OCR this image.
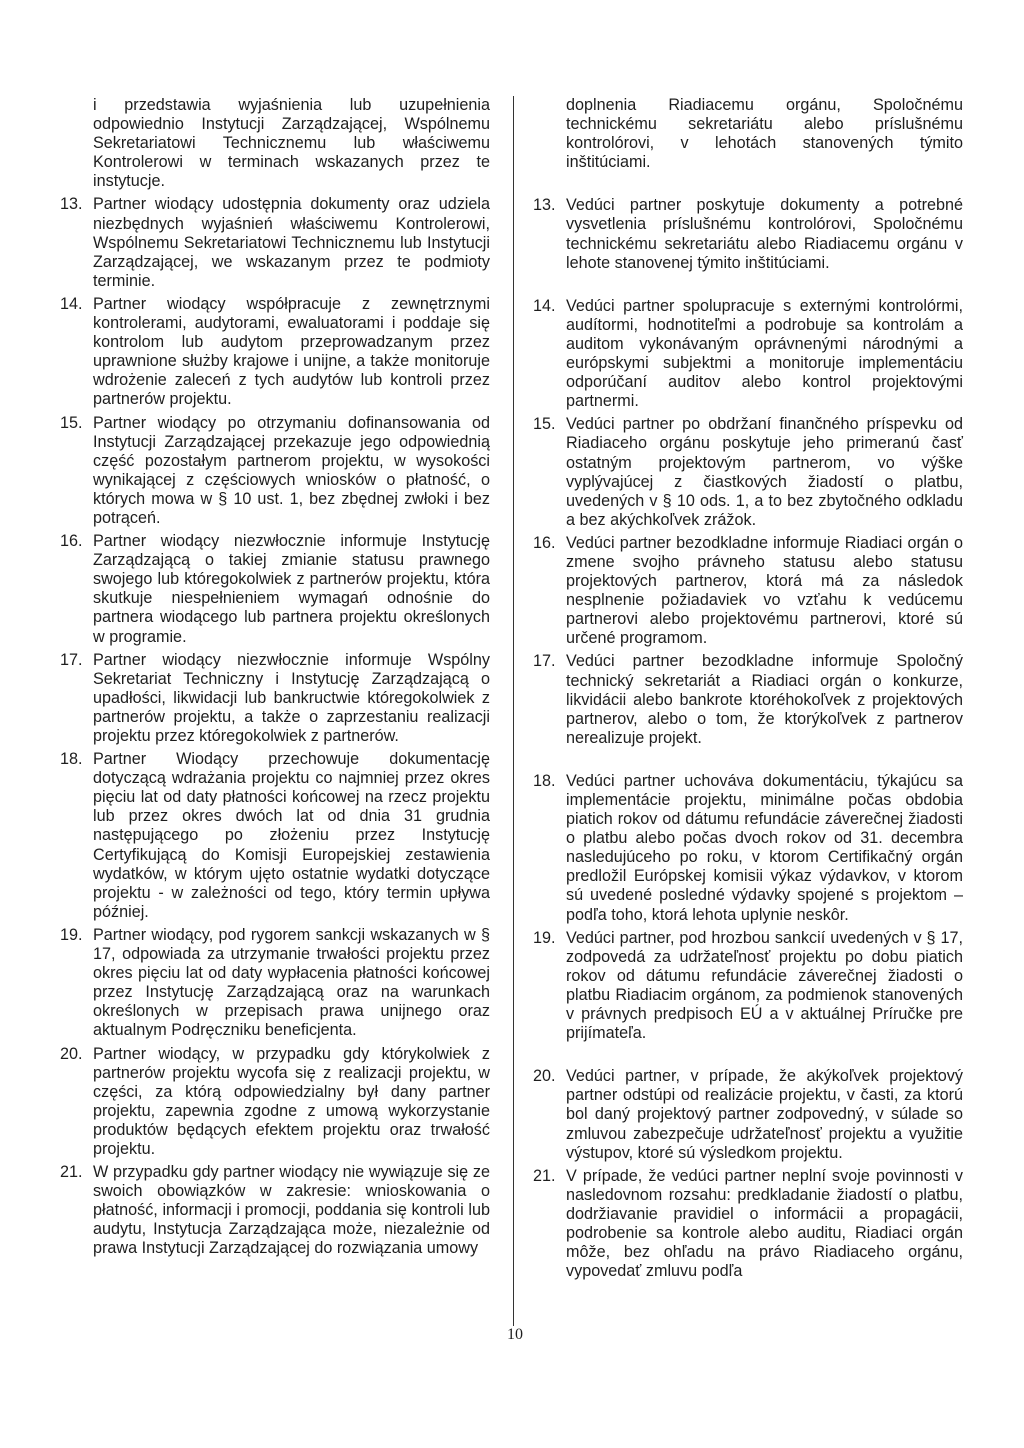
i przedstawia wyjaśnienia lub uzupełnienia odpowiednio Instytucji Zarządzającej, Wspólnemu Sekretariatowi Technicznemu lub właściwemu Kontrolerowi w terminach wskazanych przez te instytucje.
13. Partner wiodący udostępnia dokumenty oraz udziela niezbędnych wyjaśnień właściwemu Kontrolerowi, Wspólnemu Sekretariatowi Technicznemu lub Instytucji Zarządzającej, we wskazanym przez te podmioty terminie.
14. Partner wiodący współpracuje z zewnętrznymi kontrolerami, audytorami, ewaluatorami i poddaje się kontrolom lub audytom przeprowadzanym przez uprawnione służby krajowe i unijne, a także monitoruje wdrożenie zaleceń z tych audytów lub kontroli przez partnerów projektu.
15. Partner wiodący po otrzymaniu dofinansowania od Instytucji Zarządzającej przekazuje jego odpowiednią część pozostałym partnerom projektu, w wysokości wynikającej z częściowych wniosków o płatność, o których mowa w § 10 ust. 1, bez zbędnej zwłoki i bez potrąceń.
16. Partner wiodący niezwłocznie informuje Instytucję Zarządzającą o takiej zmianie statusu prawnego swojego lub któregokolwiek z partnerów projektu, która skutkuje niespełnieniem wymagań odnośnie do partnera wiodącego lub partnera projektu określonych w programie.
17. Partner wiodący niezwłocznie informuje Wspólny Sekretariat Techniczny i Instytucję Zarządzającą o upadłości, likwidacji lub bankructwie któregokolwiek z partnerów projektu, a także o zaprzestaniu realizacji projektu przez któregokolwiek z partnerów.
18. Partner Wiodący przechowuje dokumentację dotyczącą wdrażania projektu co najmniej przez okres pięciu lat od daty płatności końcowej na rzecz projektu lub przez okres dwóch lat od dnia 31 grudnia następującego po złożeniu przez Instytucję Certyfikującą do Komisji Europejskiej zestawienia wydatków, w którym ujęto ostatnie wydatki dotyczące projektu - w zależności od tego, który termin upływa później.
19. Partner wiodący, pod rygorem sankcji wskazanych w § 17, odpowiada za utrzymanie trwałości projektu przez okres pięciu lat od daty wypłacenia płatności końcowej przez Instytucję Zarządzającą oraz na warunkach określonych w przepisach prawa unijnego oraz aktualnym Podręczniku beneficjenta.
20. Partner wiodący, w przypadku gdy którykolwiek z partnerów projektu wycofa się z realizacji projektu, w części, za którą odpowiedzialny był dany partner projektu, zapewnia zgodne z umową wykorzystanie produktów będących efektem projektu oraz trwałość projektu.
21. W przypadku gdy partner wiodący nie wywiązuje się ze swoich obowiązków w zakresie: wnioskowania o płatność, informacji i promocji, poddania się kontroli lub audytu, Instytucja Zarządzająca może, niezależnie od prawa Instytucji Zarządzającej do rozwiązania umowy
doplnenia Riadiacemu orgánu, Spoločnému technickému sekretariátu alebo príslušnému kontrolórovi, v lehotách stanovených týmito inštitúciami.
13. Vedúci partner poskytuje dokumenty a potrebné vysvetlenia príslušnému kontrolórovi, Spoločnému technickému sekretariátu alebo Riadiacemu orgánu v lehote stanovenej týmito inštitúciami.
14. Vedúci partner spolupracuje s externými kontrolórmi, audítormi, hodnotiteľmi a podrobuje sa kontrolám a auditom vykonávaným oprávnenými národnými a európskymi subjektmi a monitoruje implementáciu odporúčaní auditov alebo kontrol projektovými partnermi.
15. Vedúci partner po obdržaní finančného príspevku od Riadiaceho orgánu poskytuje jeho primeranú časť ostatným projektovým partnerom, vo výške vyplývajúcej z čiastkových žiadostí o platbu, uvedených v § 10 ods. 1, a to bez zbytočného odkladu a bez akýchkoľvek zrážok.
16. Vedúci partner bezodkladne informuje Riadiaci orgán o zmene svojho právneho statusu alebo statusu projektových partnerov, ktorá má za následok nesplnenie požiadaviek vo vzťahu k vedúcemu partnerovi alebo projektovému partnerovi, ktoré sú určené programom.
17. Vedúci partner bezodkladne informuje Spoločný technický sekretariát a Riadiaci orgán o konkurze, likvidácii alebo bankrote ktoréhokoľvek z projektových partnerov, alebo o tom, že ktorýkoľvek z partnerov nerealizuje projekt.
18. Vedúci partner uchováva dokumentáciu, týkajúcu sa implementácie projektu, minimálne počas obdobia piatich rokov od dátumu refundácie záverečnej žiadosti o platbu alebo počas dvoch rokov od 31. decembra nasledujúceho po roku, v ktorom Certifikačný orgán predložil Európskej komisii výkaz výdavkov, v ktorom sú uvedené posledné výdavky spojené s projektom – podľa toho, ktorá lehota uplynie neskôr.
19. Vedúci partner, pod hrozbou sankcií uvedených v § 17, zodpovedá za udržateľnosť projektu po dobu piatich rokov od dátumu refundácie záverečnej žiadosti o platbu Riadiacim orgánom, za podmienok stanovených v právnych predpisoch EÚ a v aktuálnej Príručke pre prijímateľa.
20. Vedúci partner, v prípade, že akýkoľvek projektový partner odstúpi od realizácie projektu, v časti, za ktorú bol daný projektový partner zodpovedný, v súlade so zmluvou zabezpečuje udržateľnosť projektu a využitie výstupov, ktoré sú výsledkom projektu.
21. V prípade, že vedúci partner neplní svoje povinnosti v nasledovnom rozsahu: predkladanie žiadostí o platbu, dodržiavanie pravidiel o informácii a propagácii, podrobenie sa kontrole alebo auditu, Riadiaci orgán môže, bez ohľadu na právo Riadiaceho orgánu, vypovedať zmluvu podľa
10
